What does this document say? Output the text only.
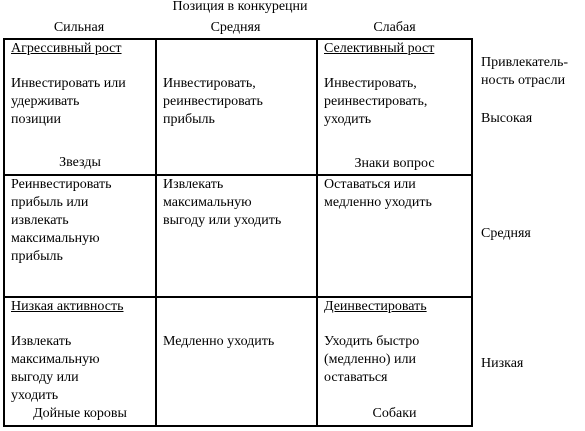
Позиция в конкурецни
Сильная	Средняя	Слабая
Агрессивный рост
Инвестировать или
удерживать
позиции
Звезды
Инвестировать,
реинвестировать
прибыль
Селективный рост
Инвестировать,
реинвестировать,
уходить
Знаки вопрос
Реинвестировать
прибыль или
извлекать
максимальную
прибыль
Извлекать
максимальную
выгоду или уходить
Оставаться или
медленно уходить
Низкая активность
Извлекать
максимальную
выгоду или
уходить
Дойные коровы
Медленно уходить
Деинвестировать
Уходить быстро
(медленно) или
оставаться
Собаки
Привлекатель-
ность отрасли
Высокая
Средняя
Низкая
